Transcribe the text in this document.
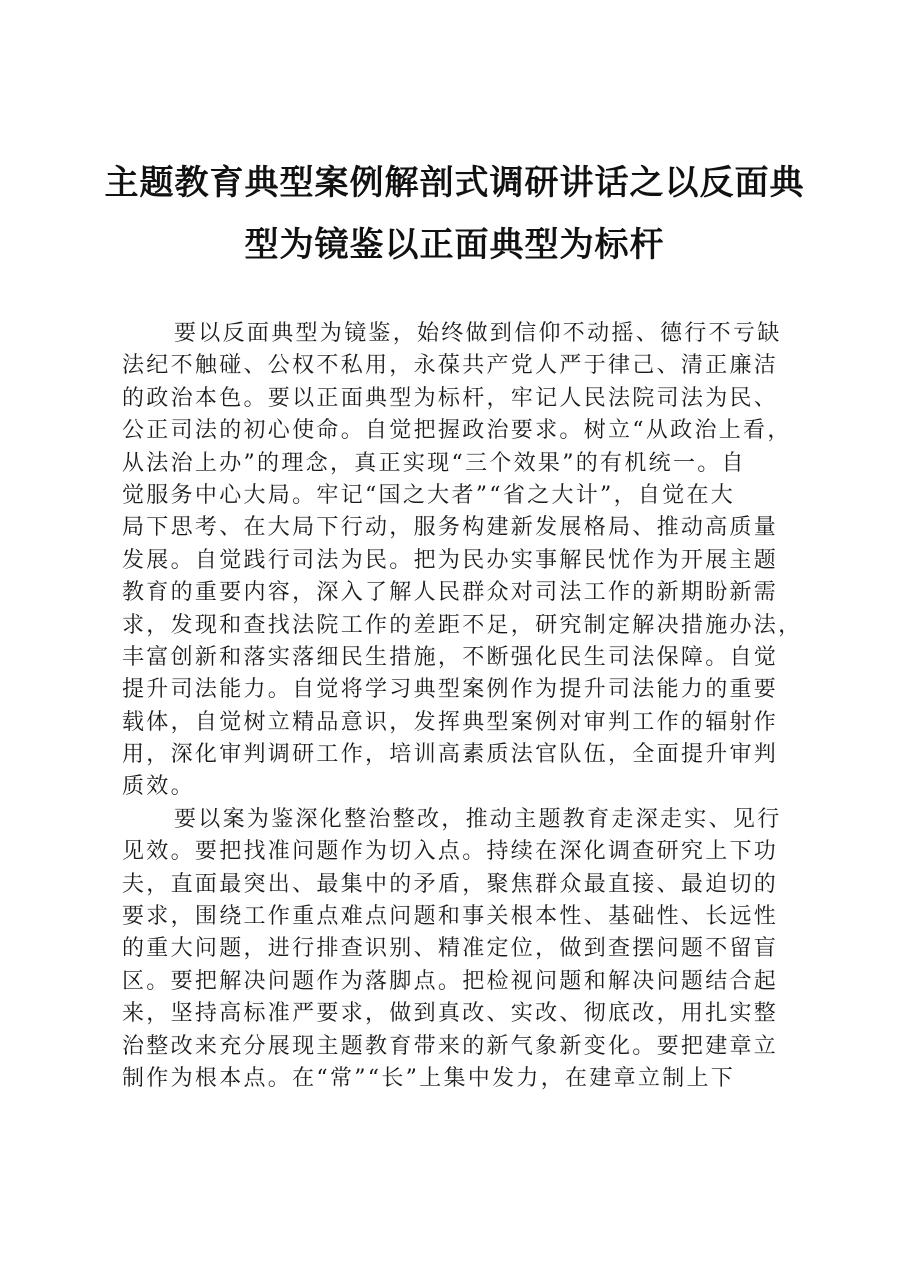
主题教育典型案例解剖式调研讲话之以反面典
型为镜鉴以正面典型为标杆
要以反面典型为镜鉴，始终做到信仰不动摇、德行不亏缺
法纪不触碰、公权不私用，永葆共产党人严于律己、清正廉洁
的政治本色。要以正面典型为标杆，牢记人民法院司法为民、
公正司法的初心使命。自觉把握政治要求。树立“从政治上看，
从法治上办”的理念，真正实现“三个效果”的有机统一。自
觉服务中心大局。牢记“国之大者”“省之大计”，自觉在大
局下思考、在大局下行动，服务构建新发展格局、推动高质量
发展。自觉践行司法为民。把为民办实事解民忧作为开展主题
教育的重要内容，深入了解人民群众对司法工作的新期盼新需
求，发现和查找法院工作的差距不足，研究制定解决措施办法，
丰富创新和落实落细民生措施，不断强化民生司法保障。自觉
提升司法能力。自觉将学习典型案例作为提升司法能力的重要
载体，自觉树立精品意识，发挥典型案例对审判工作的辐射作
用，深化审判调研工作，培训高素质法官队伍，全面提升审判
质效。
要以案为鉴深化整治整改，推动主题教育走深走实、见行
见效。要把找准问题作为切入点。持续在深化调查研究上下功
夫，直面最突出、最集中的矛盾，聚焦群众最直接、最迫切的
要求，围绕工作重点难点问题和事关根本性、基础性、长远性
的重大问题，进行排查识别、精准定位，做到查摆问题不留盲
区。要把解决问题作为落脚点。把检视问题和解决问题结合起
来，坚持高标准严要求，做到真改、实改、彻底改，用扎实整
治整改来充分展现主题教育带来的新气象新变化。要把建章立
制作为根本点。在“常”“长”上集中发力，在建章立制上下
